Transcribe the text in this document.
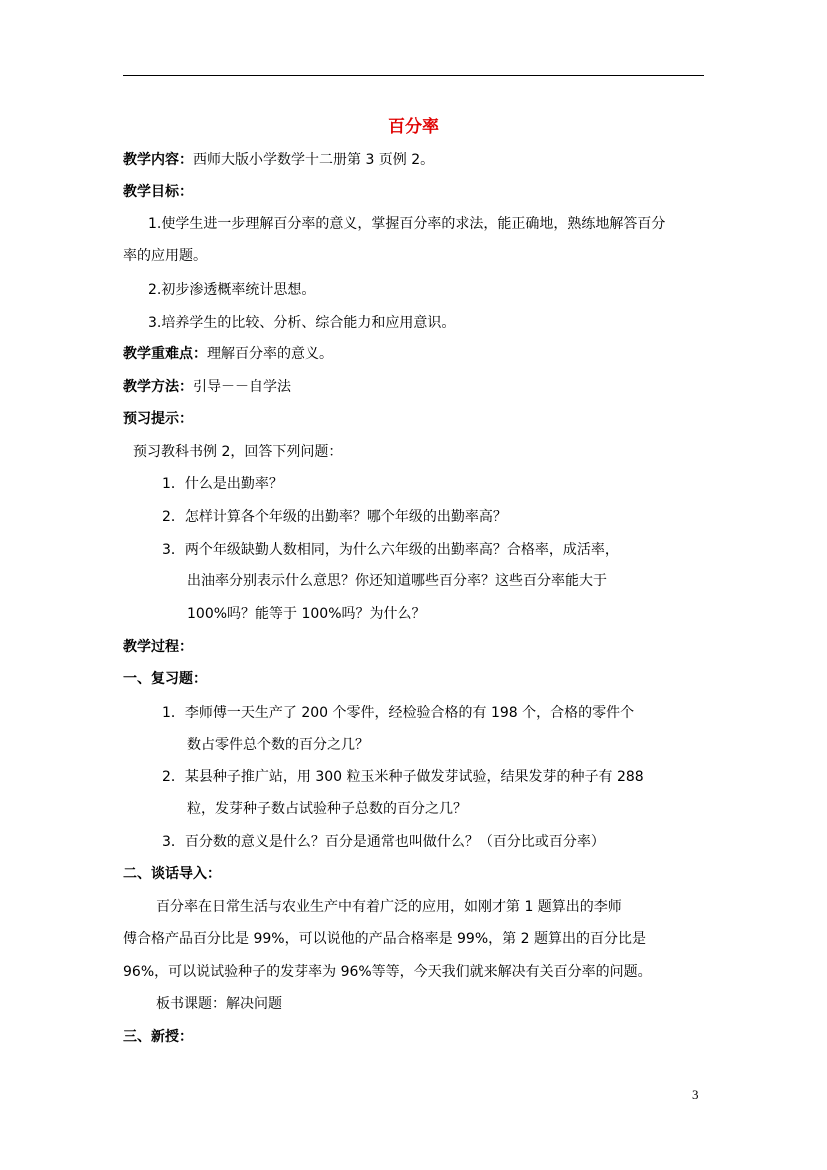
百分率
教学内容：西师大版小学数学十二册第 3 页例 2。
教学目标：
1.使学生进一步理解百分率的意义，掌握百分率的求法，能正确地，熟练地解答百分
率的应用题。
2.初步渗透概率统计思想。
3.培养学生的比较、分析、综合能力和应用意识。
教学重难点：理解百分率的意义。
教学方法：引导－－自学法
预习提示：
预习教科书例 2，回答下列问题：
1．什么是出勤率？
2．怎样计算各个年级的出勤率？哪个年级的出勤率高？
3．两个年级缺勤人数相同，为什么六年级的出勤率高？合格率，成活率，
出油率分别表示什么意思？你还知道哪些百分率？这些百分率能大于
100%吗？能等于 100%吗？为什么？
教学过程：
一、复习题：
1．李师傅一天生产了 200 个零件，经检验合格的有 198 个，合格的零件个
数占零件总个数的百分之几？
2．某县种子推广站，用 300 粒玉米种子做发芽试验，结果发芽的种子有 288
粒，发芽种子数占试验种子总数的百分之几？
3．百分数的意义是什么？百分是通常也叫做什么？（百分比或百分率）
二、谈话导入：
百分率在日常生活与农业生产中有着广泛的应用，如刚才第 1 题算出的李师
傅合格产品百分比是 99%，可以说他的产品合格率是 99%，第 2 题算出的百分比是
96%，可以说试验种子的发芽率为 96%等等，今天我们就来解决有关百分率的问题。
板书课题：解决问题
三、新授：
3
